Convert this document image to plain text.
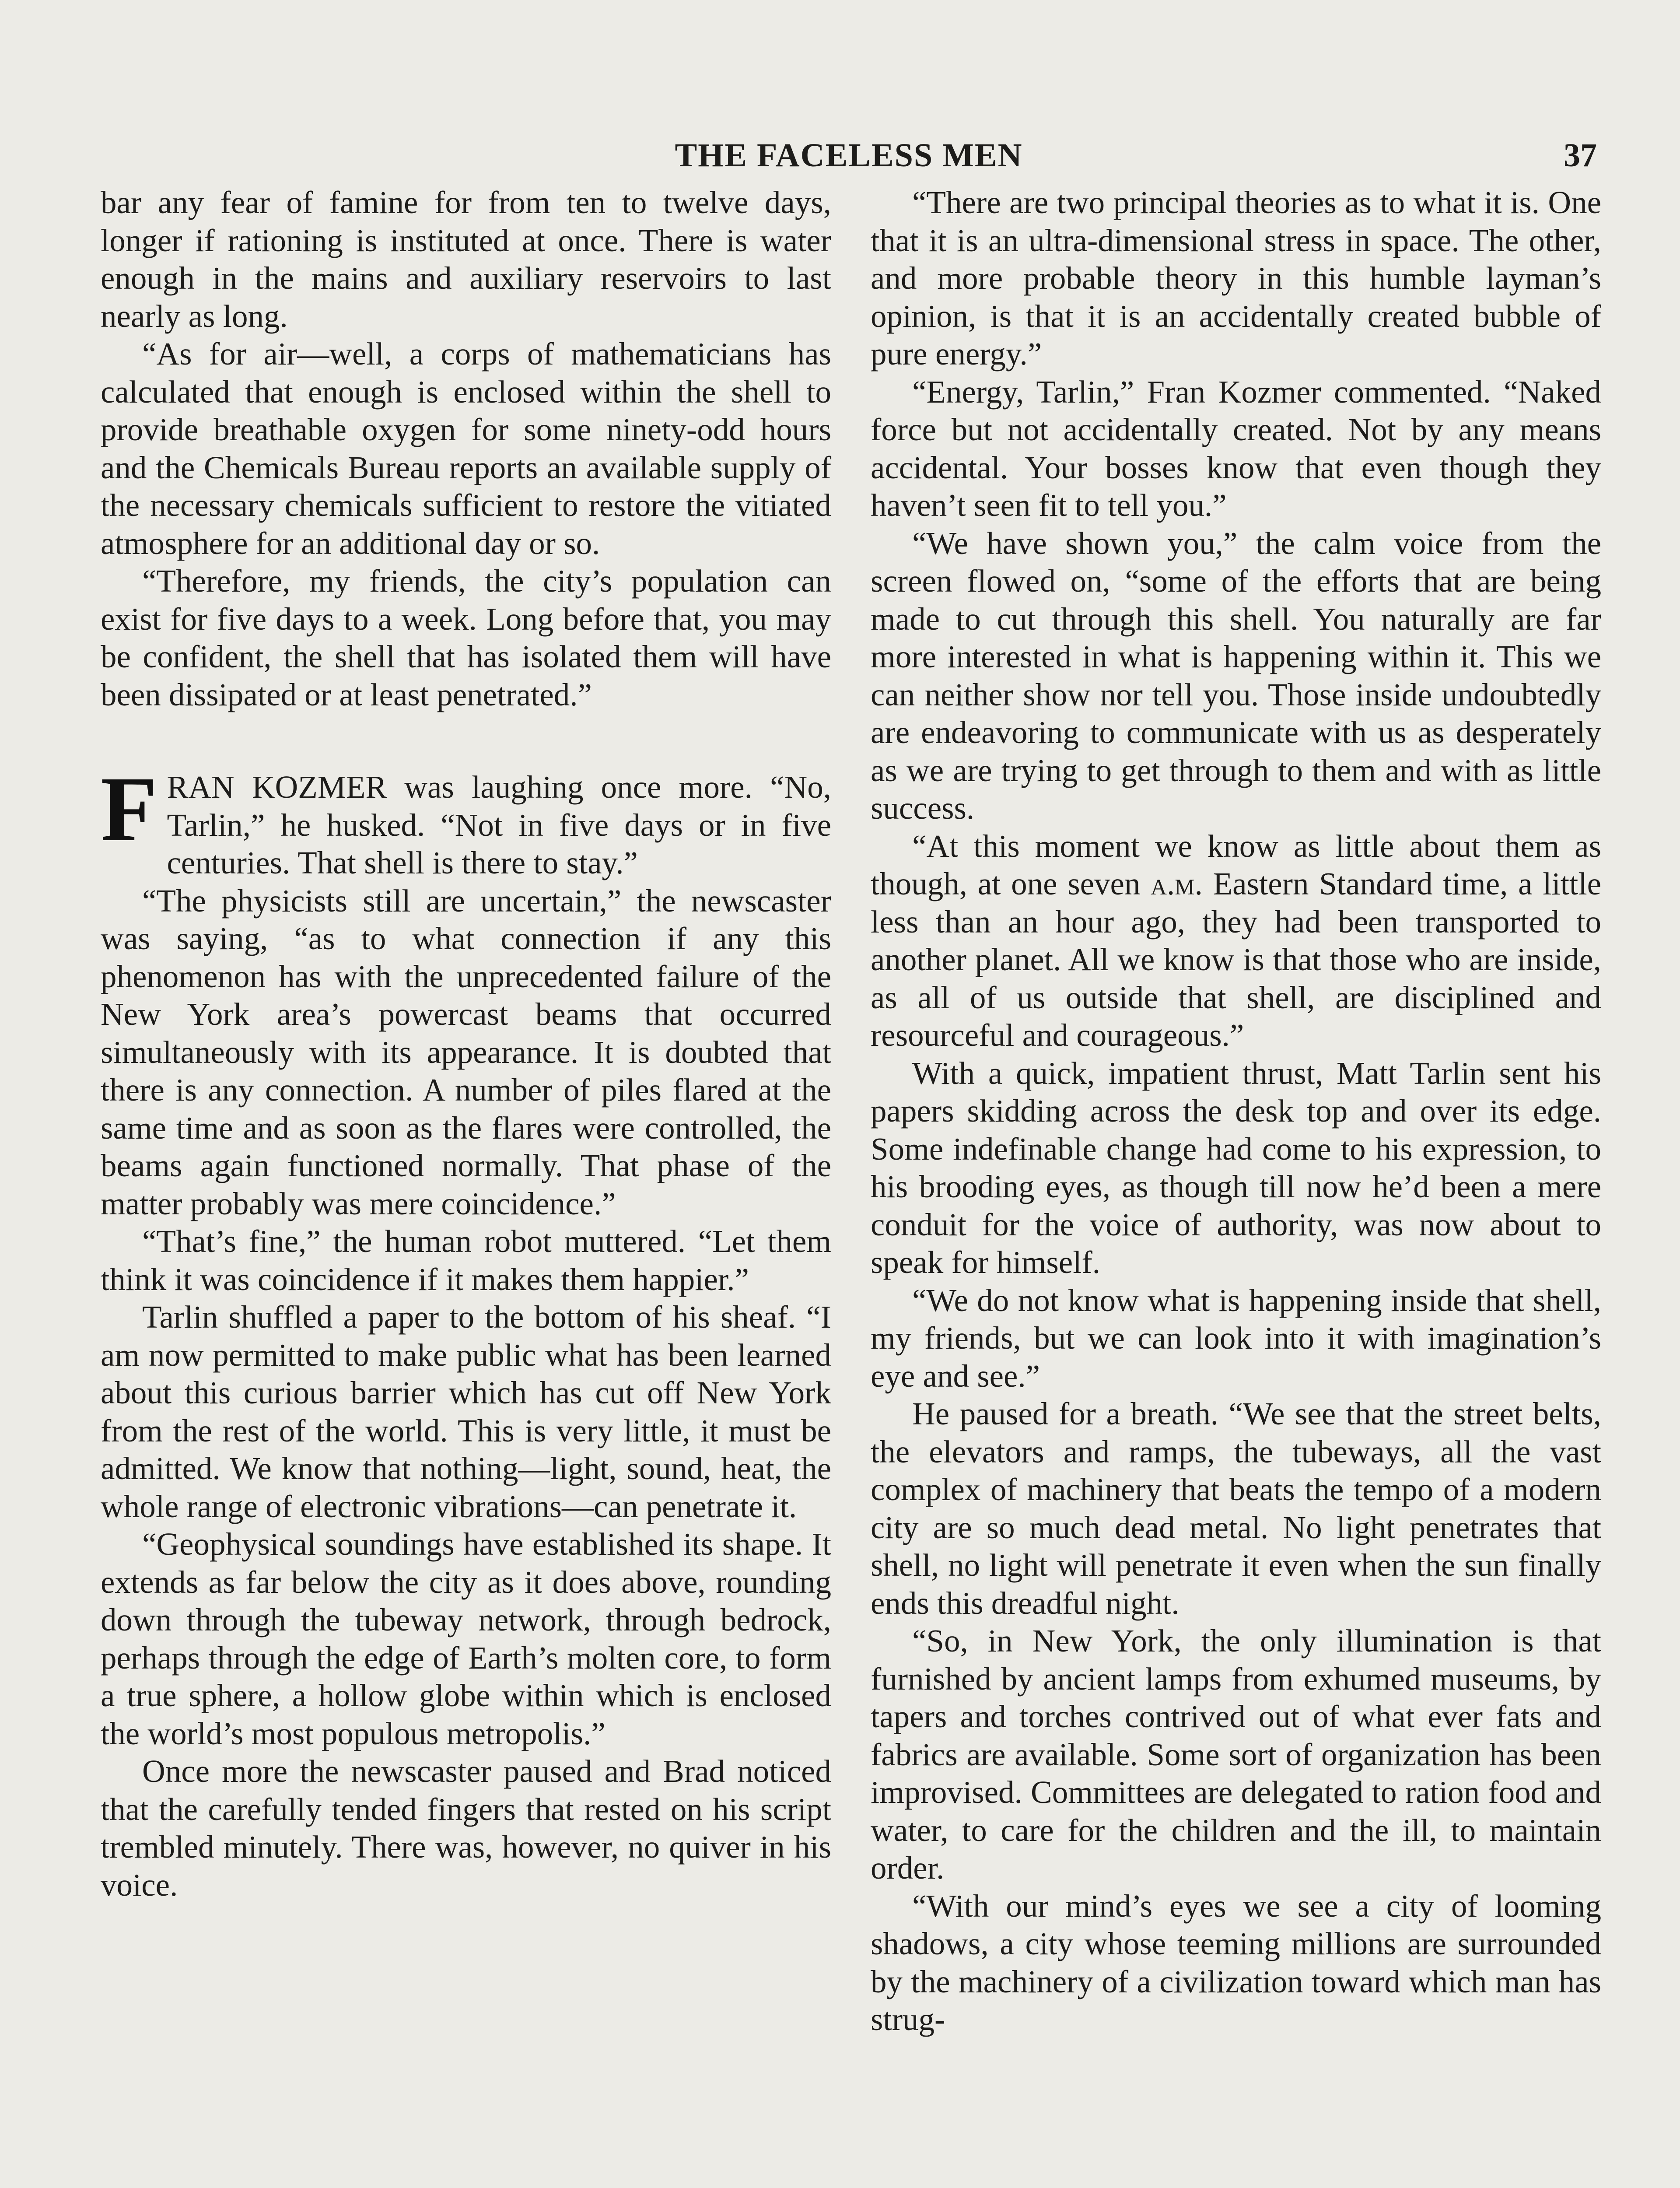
THE FACELESS MEN	37

bar any fear of famine for from ten to twelve days, longer if rationing is instituted at once. There is water enough in the mains and auxiliary reservoirs to last nearly as long.

“As for air—well, a corps of mathematicians has calculated that enough is enclosed within the shell to provide breathable oxygen for some ninety-odd hours and the Chemicals Bureau reports an available supply of the necessary chemicals sufficient to restore the vitiated atmosphere for an additional day or so.

“Therefore, my friends, the city’s population can exist for five days to a week. Long before that, you may be confident, the shell that has isolated them will have been dissipated or at least penetrated.”

FRAN KOZMER was laughing once more. “No, Tarlin,” he husked. “Not in five days or in five centuries. That shell is there to stay.”

“The physicists still are uncertain,” the newscaster was saying, “as to what connection if any this phenomenon has with the unprecedented failure of the New York area’s powercast beams that occurred simultaneously with its appearance. It is doubted that there is any connection. A number of piles flared at the same time and as soon as the flares were controlled, the beams again functioned normally. That phase of the matter probably was mere coincidence.”

“That’s fine,” the human robot muttered. “Let them think it was coincidence if it makes them happier.”

Tarlin shuffled a paper to the bottom of his sheaf. “I am now permitted to make public what has been learned about this curious barrier which has cut off New York from the rest of the world. This is very little, it must be admitted. We know that nothing—light, sound, heat, the whole range of electronic vibrations—can penetrate it.

“Geophysical soundings have established its shape. It extends as far below the city as it does above, rounding down through the tubeway network, through bedrock, perhaps through the edge of Earth’s molten core, to form a true sphere, a hollow globe within which is enclosed the world’s most populous metropolis.”

Once more the newscaster paused and Brad noticed that the carefully tended fingers that rested on his script trembled minutely. There was, however, no quiver in his voice.

“There are two principal theories as to what it is. One that it is an ultra-dimensional stress in space. The other, and more probable theory in this humble layman’s opinion, is that it is an accidentally created bubble of pure energy.”

“Energy, Tarlin,” Fran Kozmer commented. “Naked force but not accidentally created. Not by any means accidental. Your bosses know that even though they haven’t seen fit to tell you.”

“We have shown you,” the calm voice from the screen flowed on, “some of the efforts that are being made to cut through this shell. You naturally are far more interested in what is happening within it. This we can neither show nor tell you. Those inside undoubtedly are endeavoring to communicate with us as desperately as we are trying to get through to them and with as little success.

“At this moment we know as little about them as though, at one seven a.m. Eastern Standard time, a little less than an hour ago, they had been transported to another planet. All we know is that those who are inside, as all of us outside that shell, are disciplined and resourceful and courageous.”

With a quick, impatient thrust, Matt Tarlin sent his papers skidding across the desk top and over its edge. Some indefinable change had come to his expression, to his brooding eyes, as though till now he’d been a mere conduit for the voice of authority, was now about to speak for himself.

“We do not know what is happening inside that shell, my friends, but we can look into it with imagination’s eye and see.”

He paused for a breath. “We see that the street belts, the elevators and ramps, the tubeways, all the vast complex of machinery that beats the tempo of a modern city are so much dead metal. No light penetrates that shell, no light will penetrate it even when the sun finally ends this dreadful night.

“So, in New York, the only illumination is that furnished by ancient lamps from exhumed museums, by tapers and torches contrived out of what ever fats and fabrics are available. Some sort of organization has been improvised. Committees are delegated to ration food and water, to care for the children and the ill, to maintain order.

“With our mind’s eyes we see a city of looming shadows, a city whose teeming millions are surrounded by the machinery of a civilization toward which man has strug-
